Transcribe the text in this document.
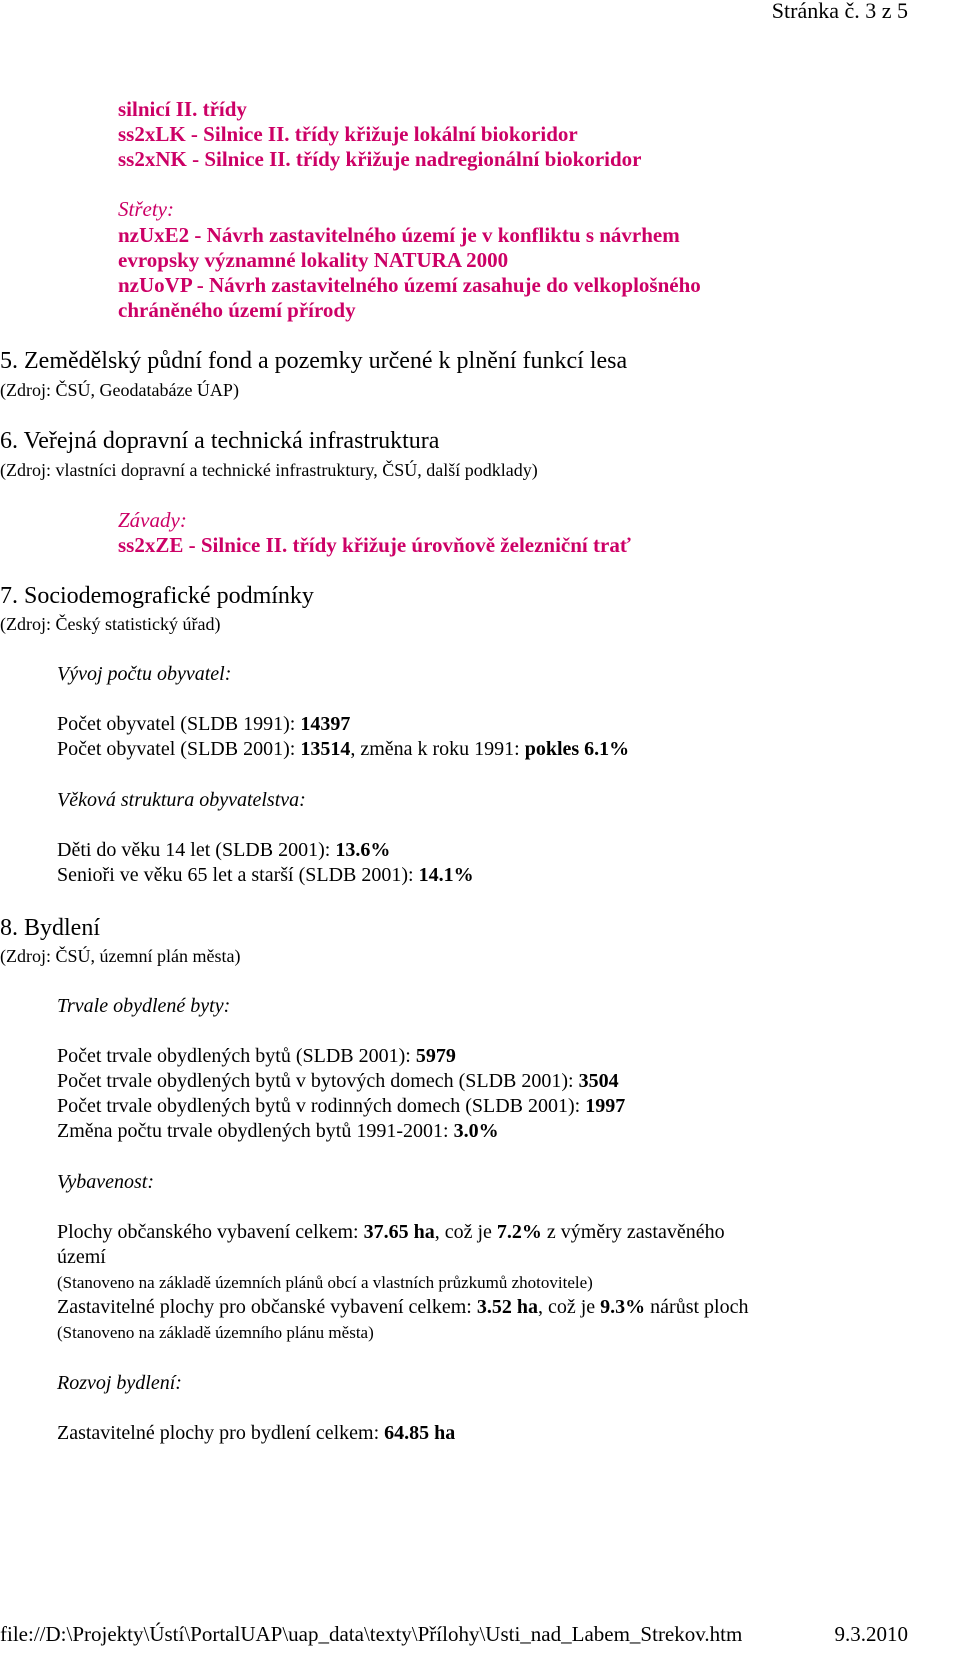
Stránka č. 3 z 5
silnicí II. třídy
ss2xLK - Silnice II. třídy křižuje lokální biokoridor
ss2xNK - Silnice II. třídy křižuje nadregionální biokoridor
Střety:
nzUxE2 - Návrh zastavitelného území je v konfliktu s návrhem
evropsky významné lokality NATURA 2000
nzUoVP - Návrh zastavitelného území zasahuje do velkoplošného
chráněného území přírody
5. Zemědělský půdní fond a pozemky určené k plnění funkcí lesa
(Zdroj: ČSÚ, Geodatabáze ÚAP)
6. Veřejná dopravní a technická infrastruktura
(Zdroj: vlastníci dopravní a technické infrastruktury, ČSÚ, další podklady)
Závady:
ss2xZE - Silnice II. třídy křižuje úrovňově železniční trať
7. Sociodemografické podmínky
(Zdroj: Český statistický úřad)
Vývoj počtu obyvatel:
Počet obyvatel (SLDB 1991): 14397
Počet obyvatel (SLDB 2001): 13514, změna k roku 1991: pokles 6.1%
Věková struktura obyvatelstva:
Děti do věku 14 let (SLDB 2001): 13.6%
Senioři ve věku 65 let a starší (SLDB 2001): 14.1%
8. Bydlení
(Zdroj: ČSÚ, územní plán města)
Trvale obydlené byty:
Počet trvale obydlených bytů (SLDB 2001): 5979
Počet trvale obydlených bytů v bytových domech (SLDB 2001): 3504
Počet trvale obydlených bytů v rodinných domech (SLDB 2001): 1997
Změna počtu trvale obydlených bytů 1991-2001: 3.0%
Vybavenost:
Plochy občanského vybavení celkem: 37.65 ha, což je 7.2% z výměry zastavěného
území
(Stanoveno na základě územních plánů obcí a vlastních průzkumů zhotovitele)
Zastavitelné plochy pro občanské vybavení celkem: 3.52 ha, což je 9.3% nárůst ploch
(Stanoveno na základě územního plánu města)
Rozvoj bydlení:
Zastavitelné plochy pro bydlení celkem: 64.85 ha
file://D:\Projekty\Ústí\PortalUAP\uap_data\texty\Přílohy\Usti_nad_Labem_Strekov.htm	9.3.2010
